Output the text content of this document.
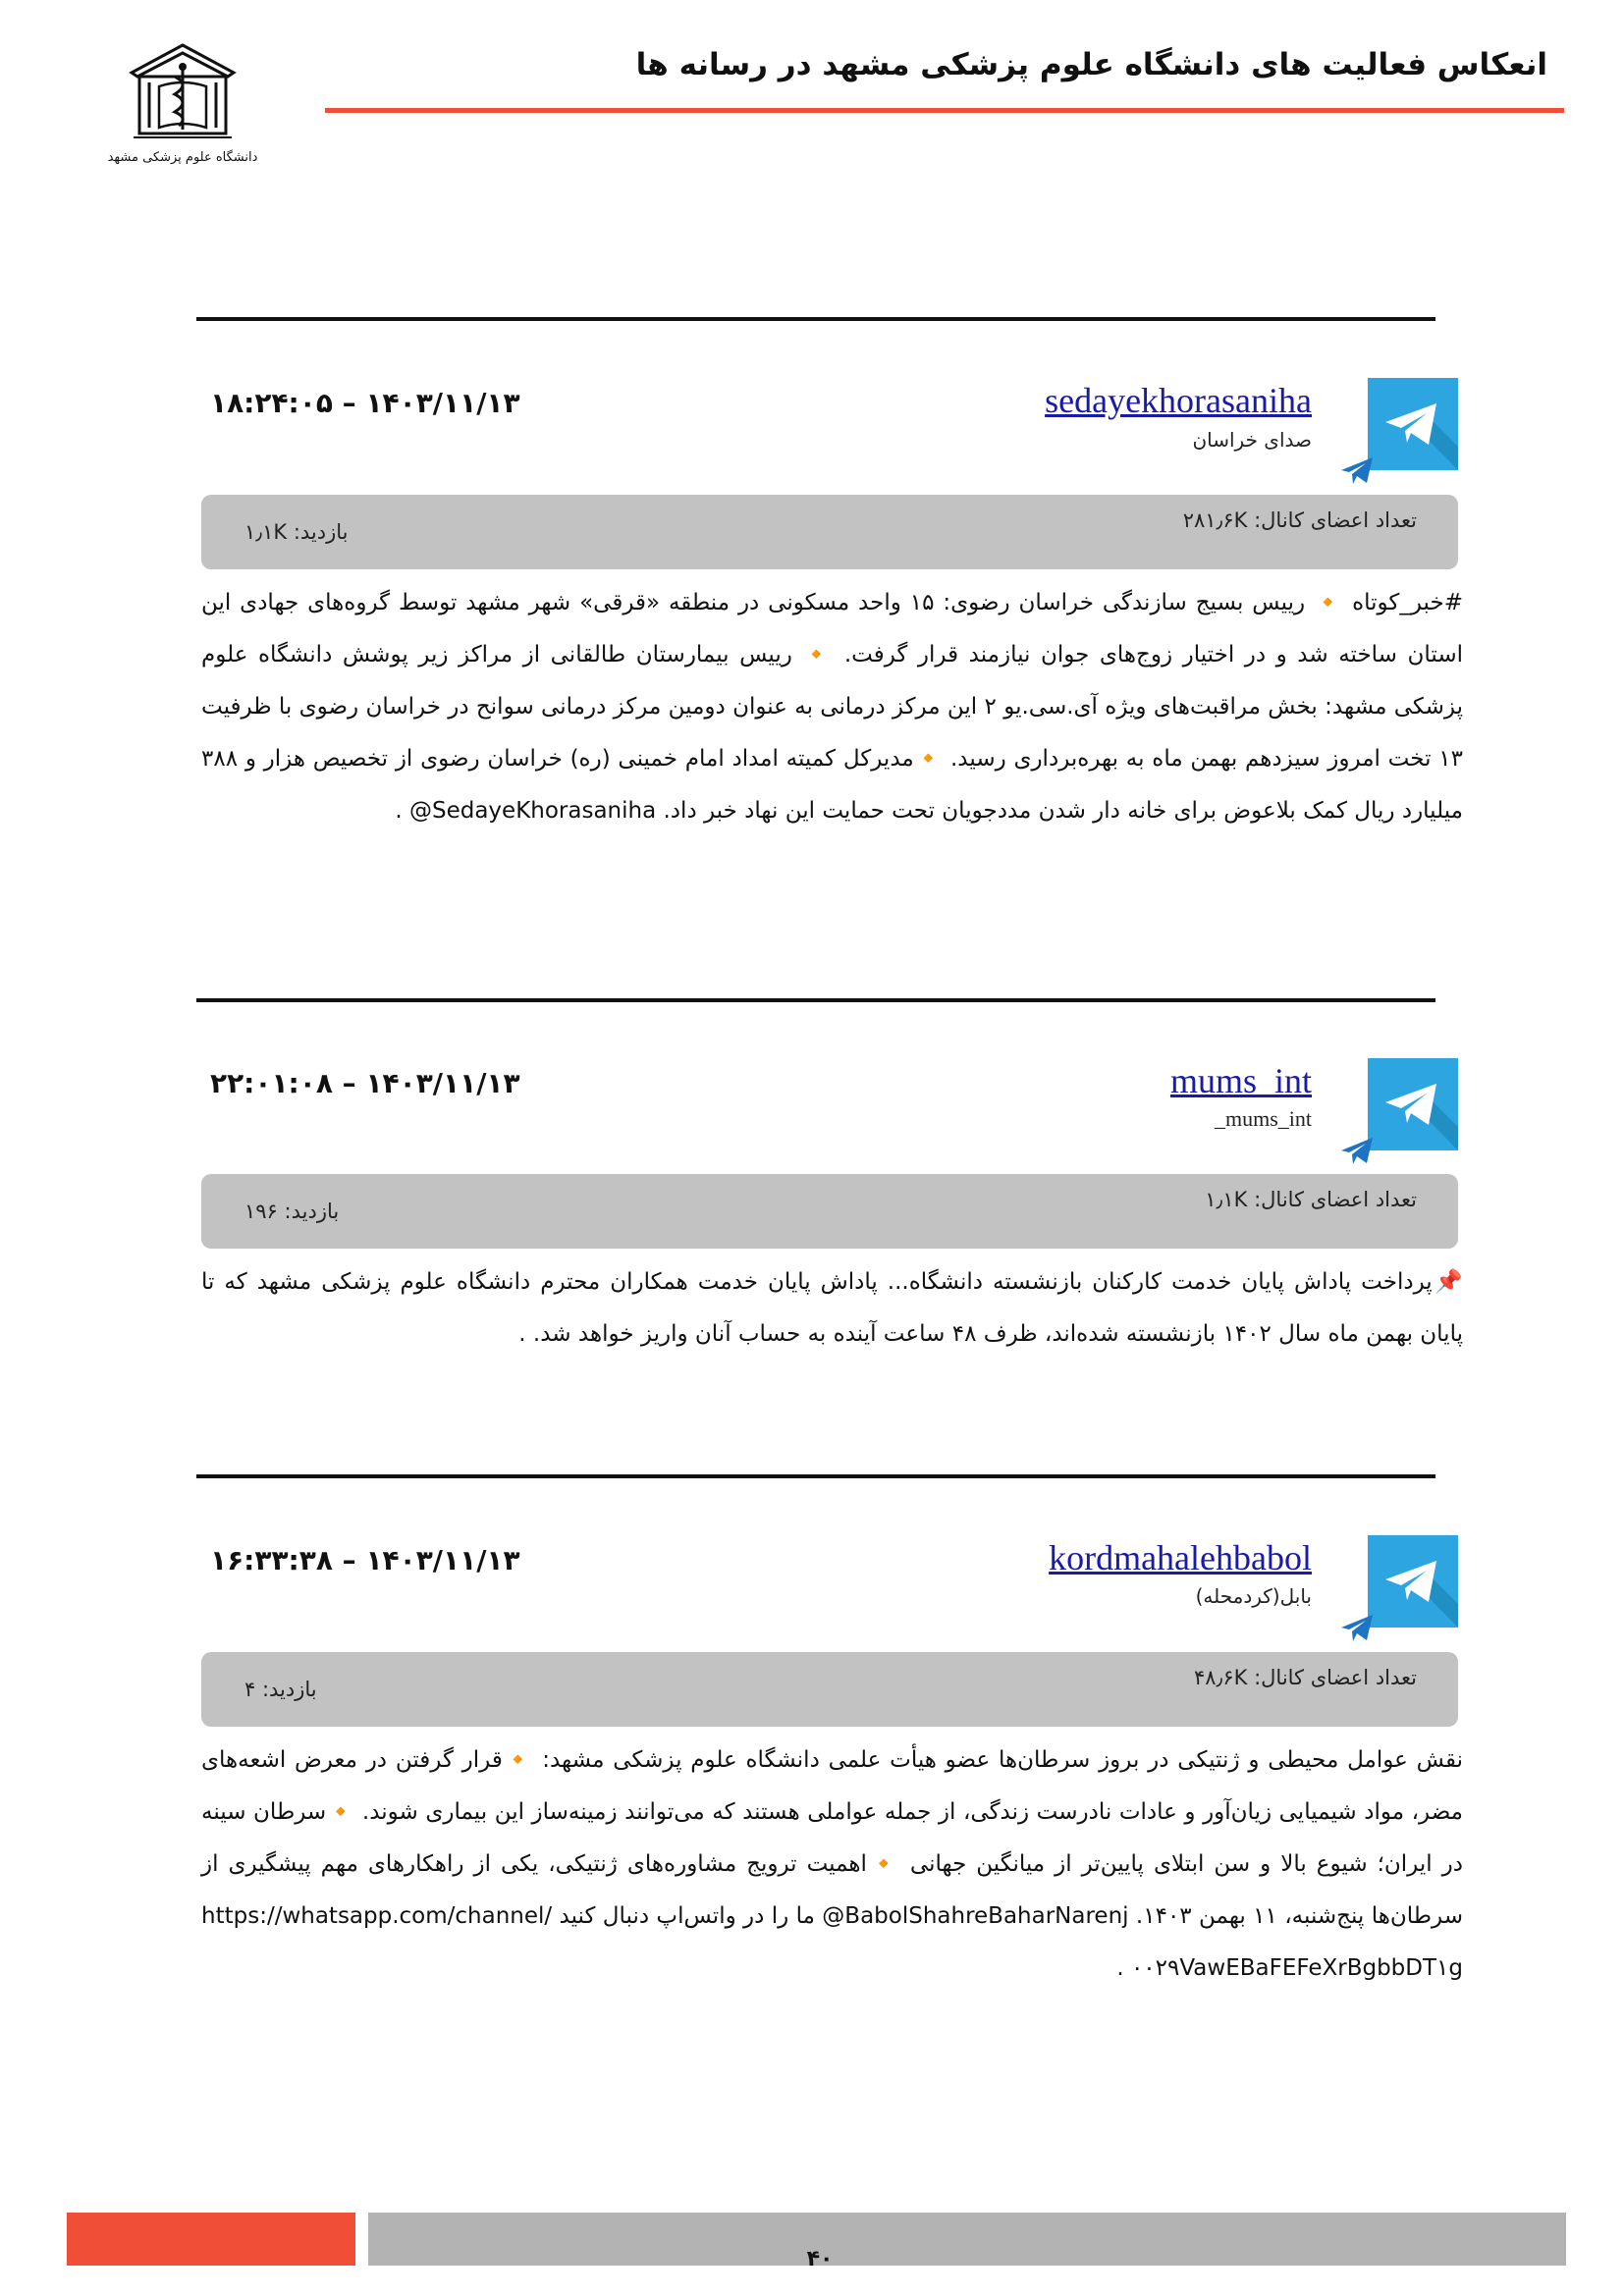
دانشگاه علوم پزشکی مشهد
انعکاس فعالیت های دانشگاه علوم پزشکی مشهد در رسانه ها
sedayekhorasaniha
صدای خراسان
۱۴۰۳/۱۱/۱۳ – ۱۸:۲۴:۰۵
تعداد اعضای کانال: ۲۸۱٫۶K
بازدید: ۱٫۱K
#خبر_کوتاه 🔸 رییس بسیج سازندگی خراسان رضوی: ۱۵ واحد مسکونی در منطقه «قرقی» شهر مشهد توسط گروه‌های جهادی این استان ساخته شد و در اختیار زوج‌های جوان نیازمند قرار گرفت. 🔸 رییس بیمارستان طالقانی از مراکز زیر پوشش دانشگاه علوم پزشکی مشهد: بخش مراقبت‌های ویژه آی.سی.یو ۲ این مرکز درمانی به عنوان دومین مرکز درمانی سوانح در خراسان رضوی با ظرفیت ۱۳ تخت امروز سیزدهم بهمن ماه به بهره‌برداری رسید. 🔸مدیرکل کمیته امداد امام خمینی (ره) خراسان رضوی از تخصیص هزار و ۳۸۸ میلیارد ریال کمک بلاعوض برای خانه دار شدن مددجویان تحت حمایت این نهاد خبر داد. SedayeKhorasaniha@ .
mums_int
mums_int_
۱۴۰۳/۱۱/۱۳ – ۲۲:۰۱:۰۸
تعداد اعضای کانال: ۱٫۱K
بازدید: ۱۹۶
📌پرداخت پاداش پایان خدمت کارکنان بازنشسته دانشگاه... پاداش پایان خدمت همکاران محترم دانشگاه علوم پزشکی مشهد که تا پایان بهمن ماه سال ۱۴۰۲ بازنشسته شده‌اند، ظرف ۴۸ ساعت آینده به حساب آنان واریز خواهد شد. .
kordmahalehbabol
بابل(کردمحله)
۱۴۰۳/۱۱/۱۳ – ۱۶:۳۳:۳۸
تعداد اعضای کانال: ۴۸٫۶K
بازدید: ۴
نقش عوامل محیطی و ژنتیکی در بروز سرطان‌ها عضو هیأت علمی دانشگاه علوم پزشکی مشهد: 🔸قرار گرفتن در معرض اشعه‌های مضر، مواد شیمیایی زیان‌آور و عادات نادرست زندگی، از جمله عواملی هستند که می‌توانند زمینه‌ساز این بیماری شوند. 🔸سرطان سینه در ایران؛ شیوع بالا و سن ابتلای پایین‌تر از میانگین جهانی 🔸اهمیت ترویج مشاوره‌های ژنتیکی، یکی از راهکارهای مهم پیشگیری از سرطان‌ها پنج‌شنبه، ۱۱ بهمن ۱۴۰۳. BabolShahreBaharNarenj@ ما را در واتس‌اپ دنبال کنید https://whatsapp.com/channel/۰۰۲۹VawEBaFEFeXrBgbbDT۱g .
۴۰
